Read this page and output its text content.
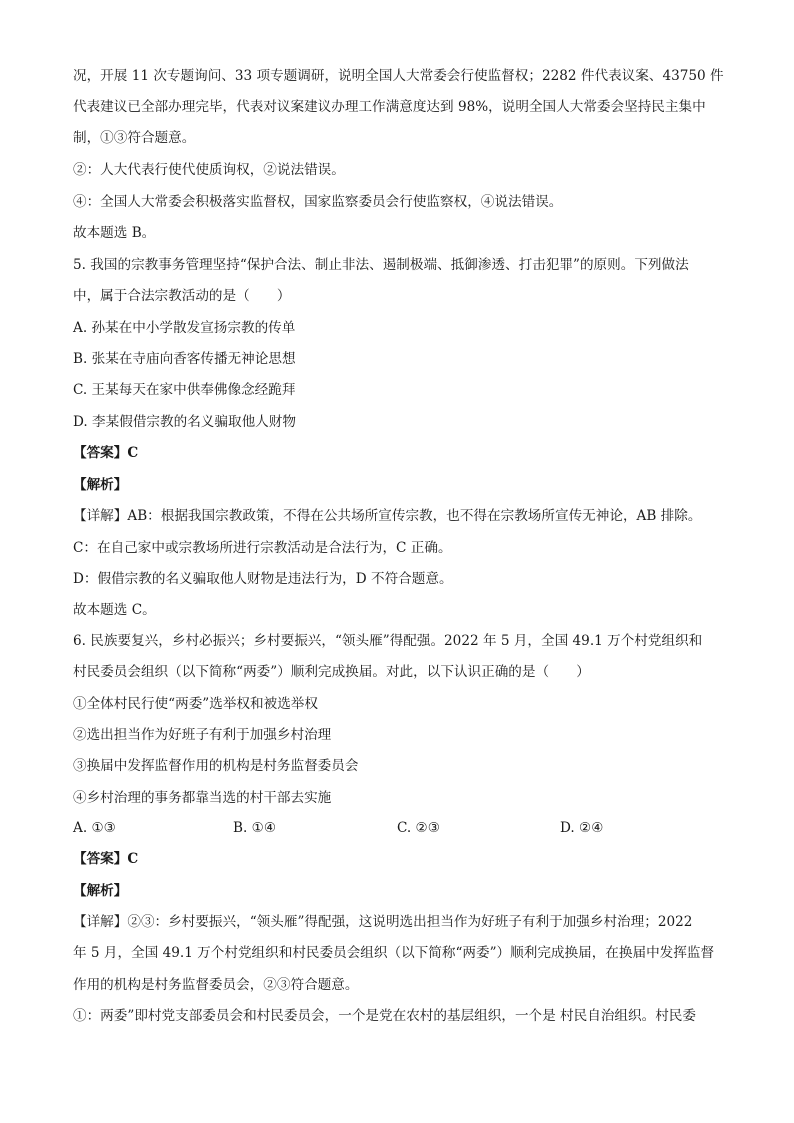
况，开展 11 次专题询问、33 项专题调研，说明全国人大常委会行使监督权；2282 件代表议案、43750 件
代表建议已全部办理完毕，代表对议案建议办理工作满意度达到 98%，说明全国人大常委会坚持民主集中
制，①③符合题意。
②：人大代表行使代使质询权，②说法错误。
④：全国人大常委会积极落实监督权，国家监察委员会行使监察权，④说法错误。
故本题选 B。
5. 我国的宗教事务管理坚持“保护合法、制止非法、遏制极端、抵御渗透、打击犯罪”的原则。下列做法
中，属于合法宗教活动的是（　　）
A. 孙某在中小学散发宣扬宗教的传单
B. 张某在寺庙向香客传播无神论思想
C. 王某每天在家中供奉佛像念经跪拜
D. 李某假借宗教的名义骗取他人财物
【答案】C
【解析】
【详解】AB：根据我国宗教政策，不得在公共场所宣传宗教，也不得在宗教场所宣传无神论，AB 排除。
C：在自己家中或宗教场所进行宗教活动是合法行为，C 正确。
D：假借宗教的名义骗取他人财物是违法行为，D 不符合题意。
故本题选 C。
6. 民族要复兴，乡村必振兴；乡村要振兴，“领头雁”得配强。2022 年 5 月，全国 49.1 万个村党组织和
村民委员会组织（以下简称“两委”）顺利完成换届。对此，以下认识正确的是（　　）
①全体村民行使“两委”选举权和被选举权
②选出担当作为好班子有利于加强乡村治理
③换届中发挥监督作用的机构是村务监督委员会
④乡村治理的事务都靠当选的村干部去实施
A. ①③	B. ①④	C. ②③	D. ②④
【答案】C
【解析】
【详解】②③：乡村要振兴，“领头雁”得配强，这说明选出担当作为好班子有利于加强乡村治理；2022
年 5 月，全国 49.1 万个村党组织和村民委员会组织（以下简称“两委”）顺利完成换届，在换届中发挥监督
作用的机构是村务监督委员会，②③符合题意。
①：两委”即村党支部委员会和村民委员会，一个是党在农村的基层组织，一个是 村民自治组织。村民委
